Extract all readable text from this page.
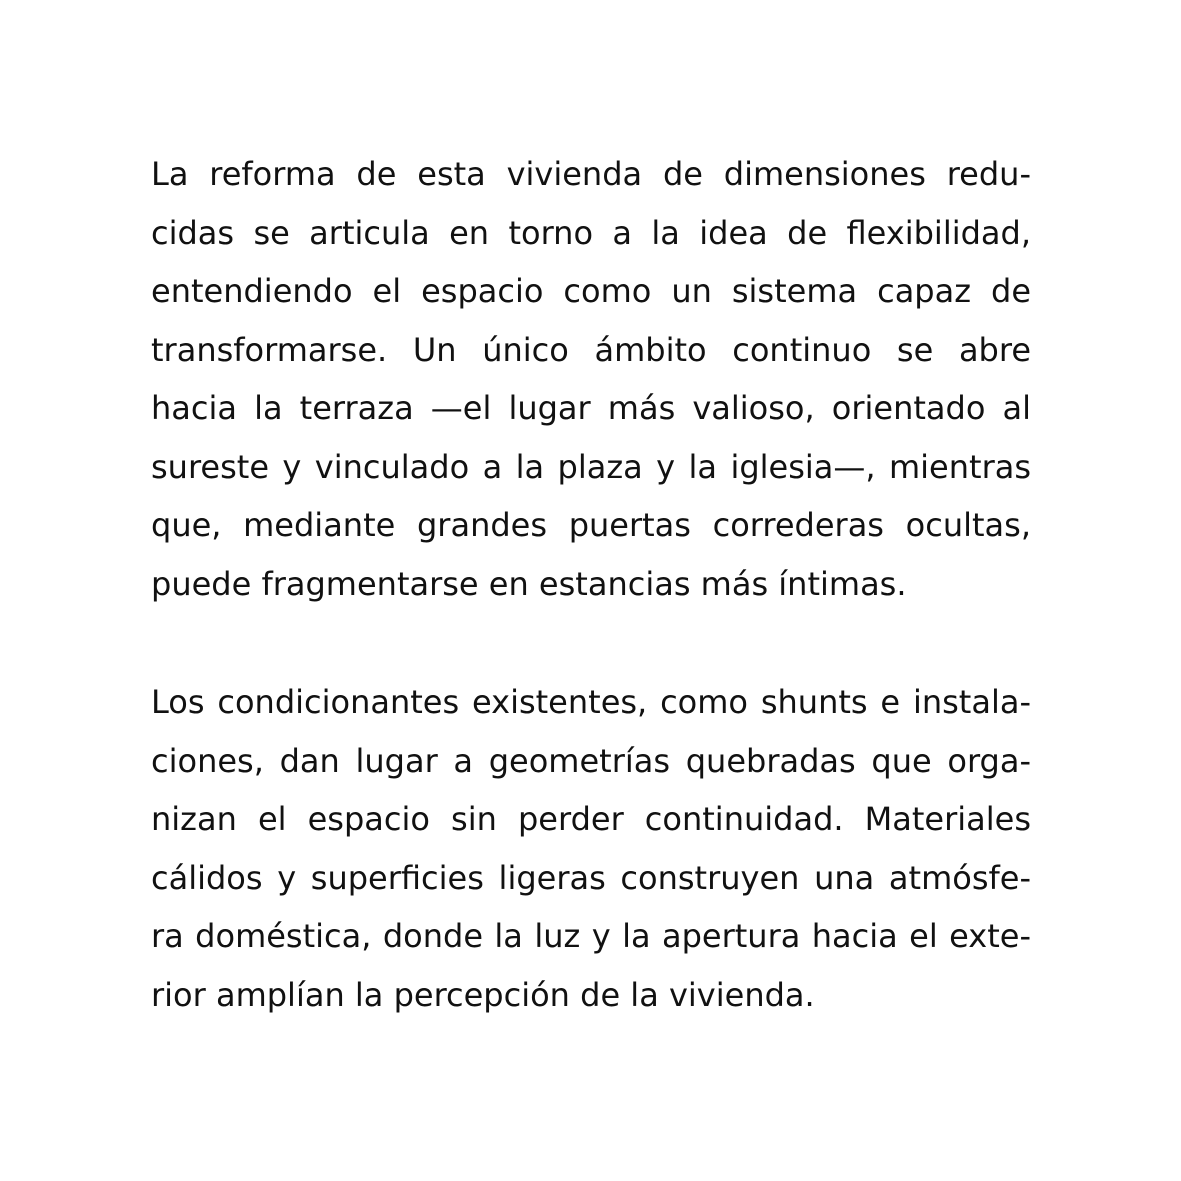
La reforma de esta vivienda de dimensiones redu-
cidas se articula en torno a la idea de flexibilidad,
entendiendo el espacio como un sistema capaz de
transformarse. Un único ámbito continuo se abre
hacia la terraza —el lugar más valioso, orientado al
sureste y vinculado a la plaza y la iglesia—, mientras
que, mediante grandes puertas correderas ocultas,
puede fragmentarse en estancias más íntimas.

Los condicionantes existentes, como shunts e instala-
ciones, dan lugar a geometrías quebradas que orga-
nizan el espacio sin perder continuidad. Materiales
cálidos y superficies ligeras construyen una atmósfe-
ra doméstica, donde la luz y la apertura hacia el exte-
rior amplían la percepción de la vivienda.
